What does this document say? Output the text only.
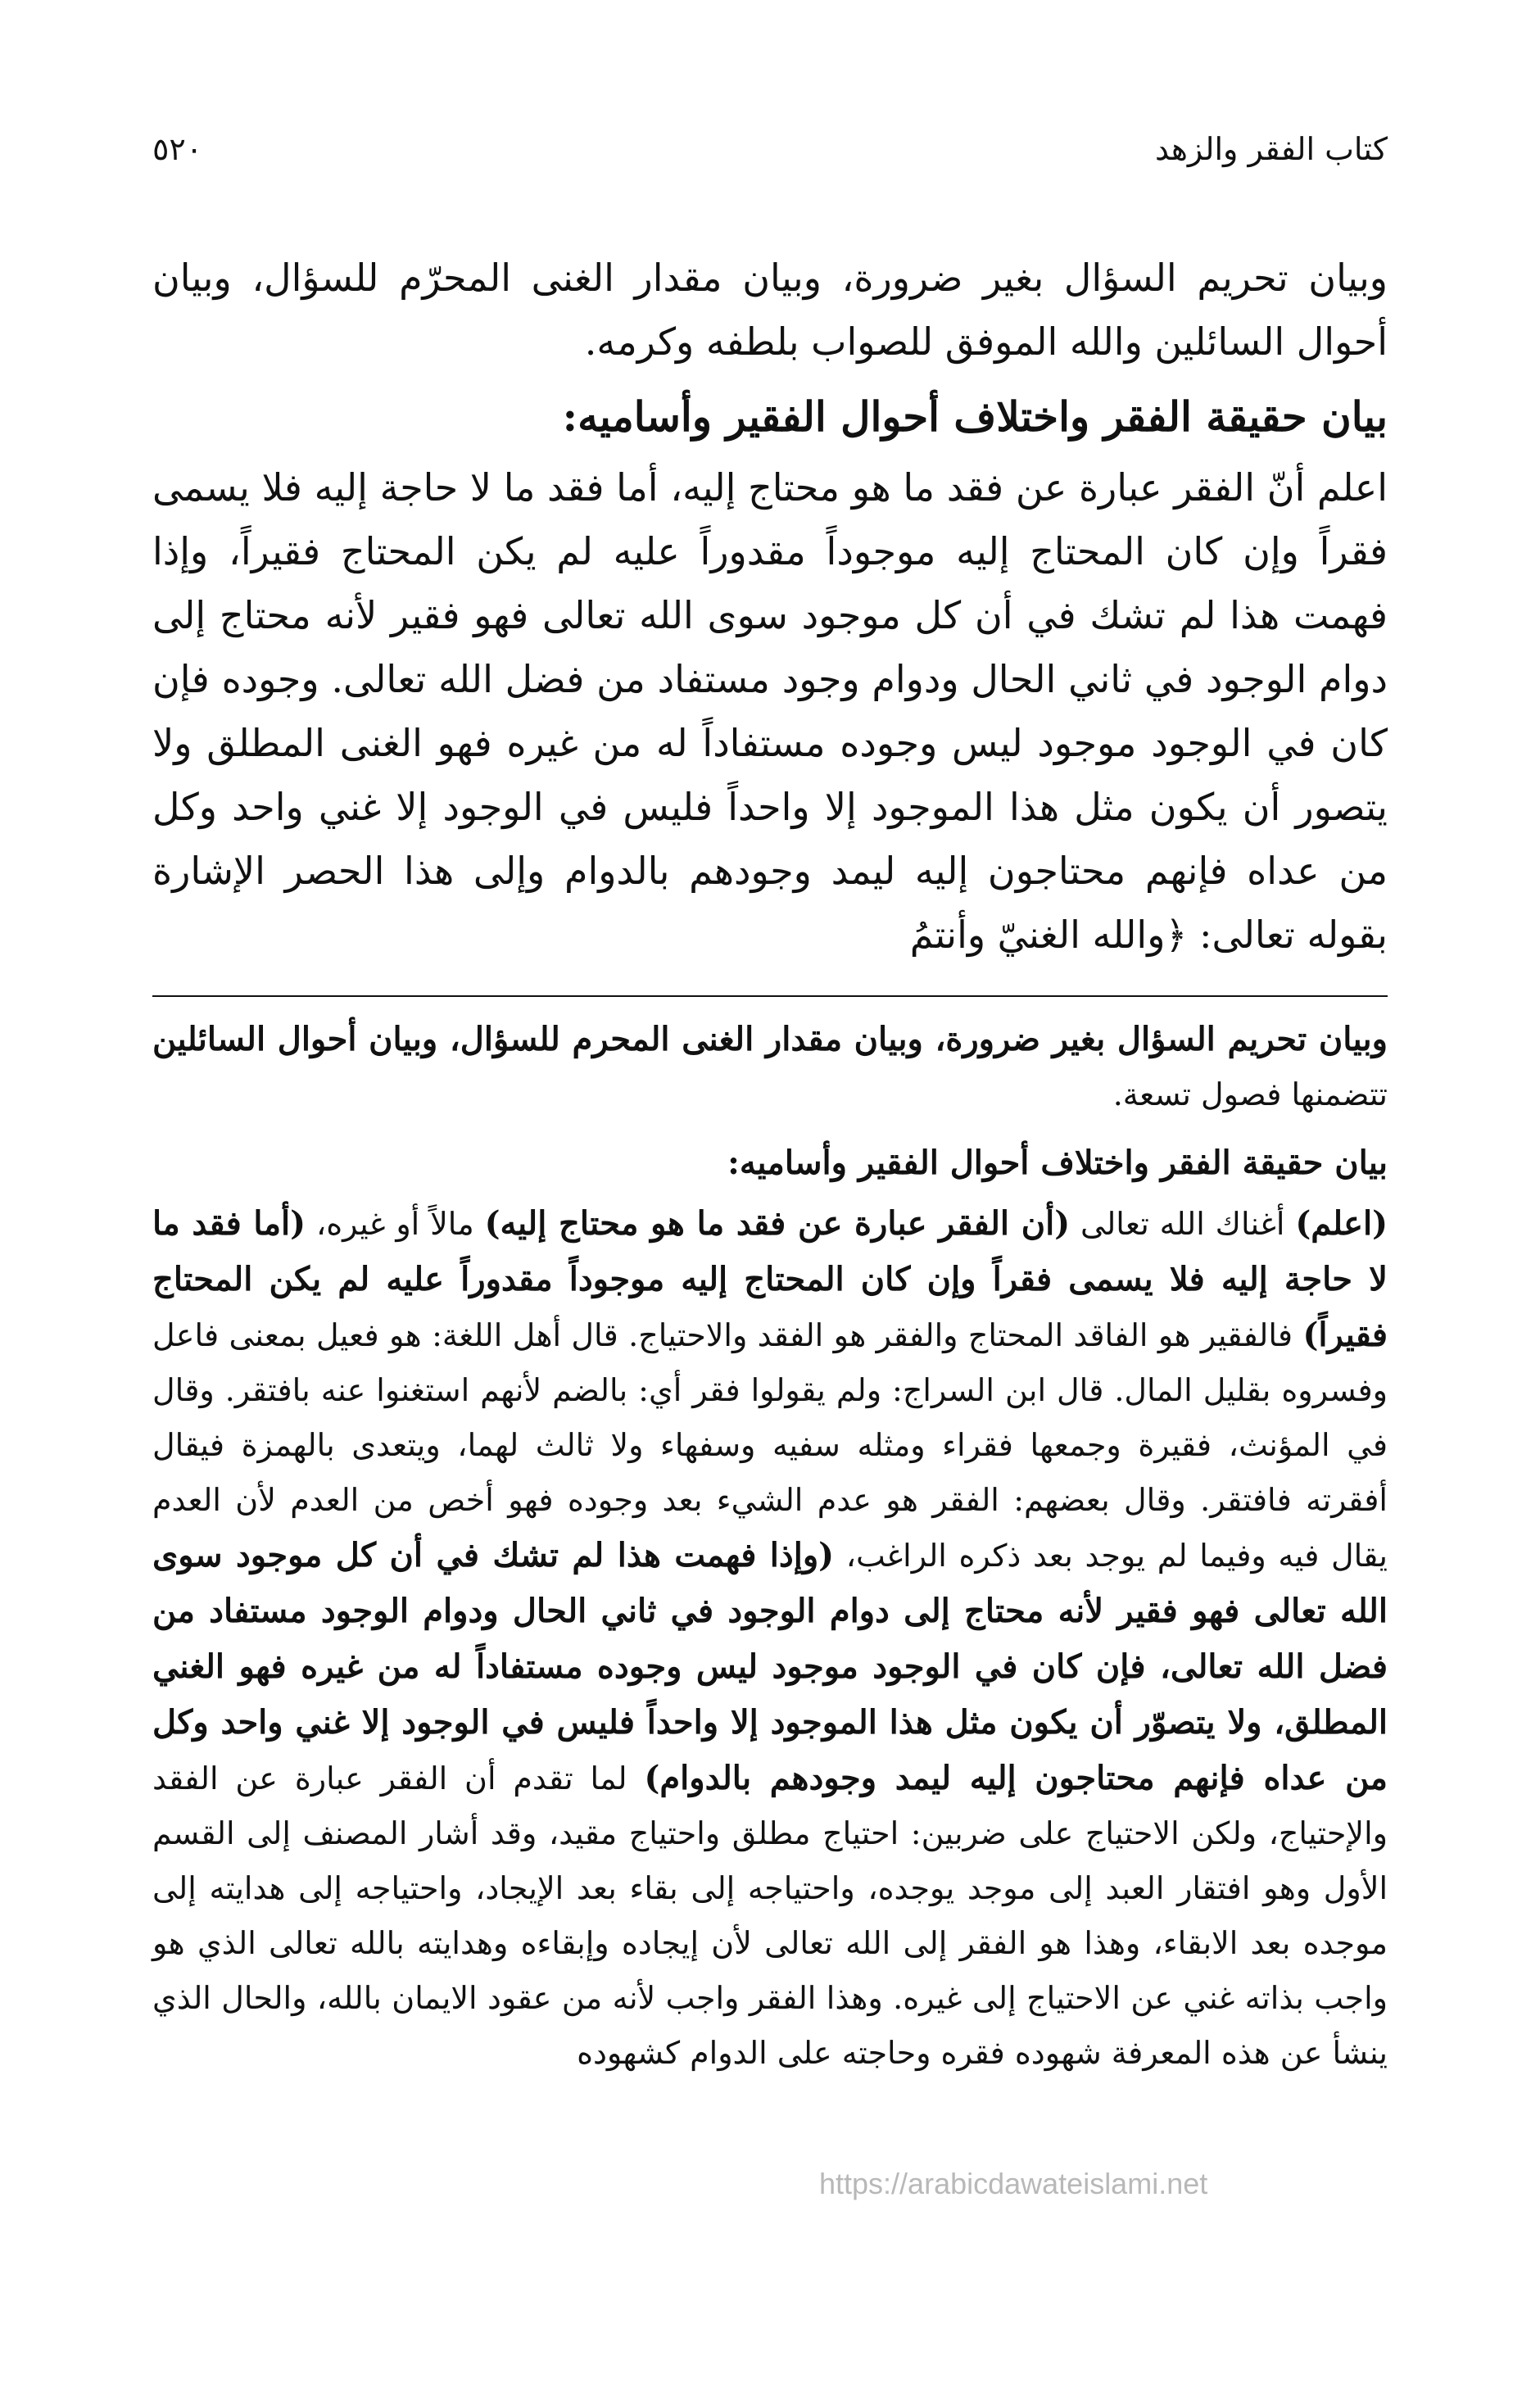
كتاب الفقر والزهد
٥٢٠

وبيان تحريم السؤال بغير ضرورة، وبيان مقدار الغنى المحرّم للسؤال، وبيان أحوال السائلين والله الموفق للصواب بلطفه وكرمه.

بيان حقيقة الفقر واختلاف أحوال الفقير وأساميه:

اعلم أنّ الفقر عبارة عن فقد ما هو محتاج إليه، أما فقد ما لا حاجة إليه فلا يسمى فقراً وإن كان المحتاج إليه موجوداً مقدوراً عليه لم يكن المحتاج فقيراً، وإذا فهمت هذا لم تشك في أن كل موجود سوى الله تعالى فهو فقير لأنه محتاج إلى دوام الوجود في ثاني الحال ودوام وجود مستفاد من فضل الله تعالى. وجوده فإن كان في الوجود موجود ليس وجوده مستفاداً له من غيره فهو الغنى المطلق ولا يتصور أن يكون مثل هذا الموجود إلا واحداً فليس في الوجود إلا غني واحد وكل من عداه فإنهم محتاجون إليه ليمد وجودهم بالدوام وإلى هذا الحصر الإشارة بقوله تعالى: ﴿والله الغنيّ وأنتمُ

وبيان تحريم السؤال بغير ضرورة، وبيان مقدار الغنى المحرم للسؤال، وبيان أحوال السائلين تتضمنها فصول تسعة.

بيان حقيقة الفقر واختلاف أحوال الفقير وأساميه:

(اعلم) أغناك الله تعالى (أن الفقر عبارة عن فقد ما هو محتاج إليه) مالاً أو غيره، (أما فقد ما لا حاجة إليه فلا يسمى فقراً وإن كان المحتاج إليه موجوداً مقدوراً عليه لم يكن المحتاج فقيراً) فالفقير هو الفاقد المحتاج والفقر هو الفقد والاحتياج. قال أهل اللغة: هو فعيل بمعنى فاعل وفسروه بقليل المال. قال ابن السراج: ولم يقولوا فقر أي: بالضم لأنهم استغنوا عنه بافتقر. وقال في المؤنث، فقيرة وجمعها فقراء ومثله سفيه وسفهاء ولا ثالث لهما، ويتعدى بالهمزة فيقال أفقرته فافتقر. وقال بعضهم: الفقر هو عدم الشيء بعد وجوده فهو أخص من العدم لأن العدم يقال فيه وفيما لم يوجد بعد ذكره الراغب، (وإذا فهمت هذا لم تشك في أن كل موجود سوى الله تعالى فهو فقير لأنه محتاج إلى دوام الوجود في ثاني الحال ودوام الوجود مستفاد من فضل الله تعالى، فإن كان في الوجود موجود ليس وجوده مستفاداً له من غيره فهو الغني المطلق، ولا يتصوّر أن يكون مثل هذا الموجود إلا واحداً فليس في الوجود إلا غني واحد وكل من عداه فإنهم محتاجون إليه ليمد وجودهم بالدوام) لما تقدم أن الفقر عبارة عن الفقد والإحتياج، ولكن الاحتياج على ضربين: احتياج مطلق واحتياج مقيد، وقد أشار المصنف إلى القسم الأول وهو افتقار العبد إلى موجد يوجده، واحتياجه إلى بقاء بعد الإيجاد، واحتياجه إلى هدايته إلى موجده بعد الابقاء، وهذا هو الفقر إلى الله تعالى لأن إيجاده وإبقاءه وهدايته بالله تعالى الذي هو واجب بذاته غني عن الاحتياج إلى غيره. وهذا الفقر واجب لأنه من عقود الايمان بالله، والحال الذي ينشأ عن هذه المعرفة شهوده فقره وحاجته على الدوام كشهوده

https://arabicdawateislami.net
